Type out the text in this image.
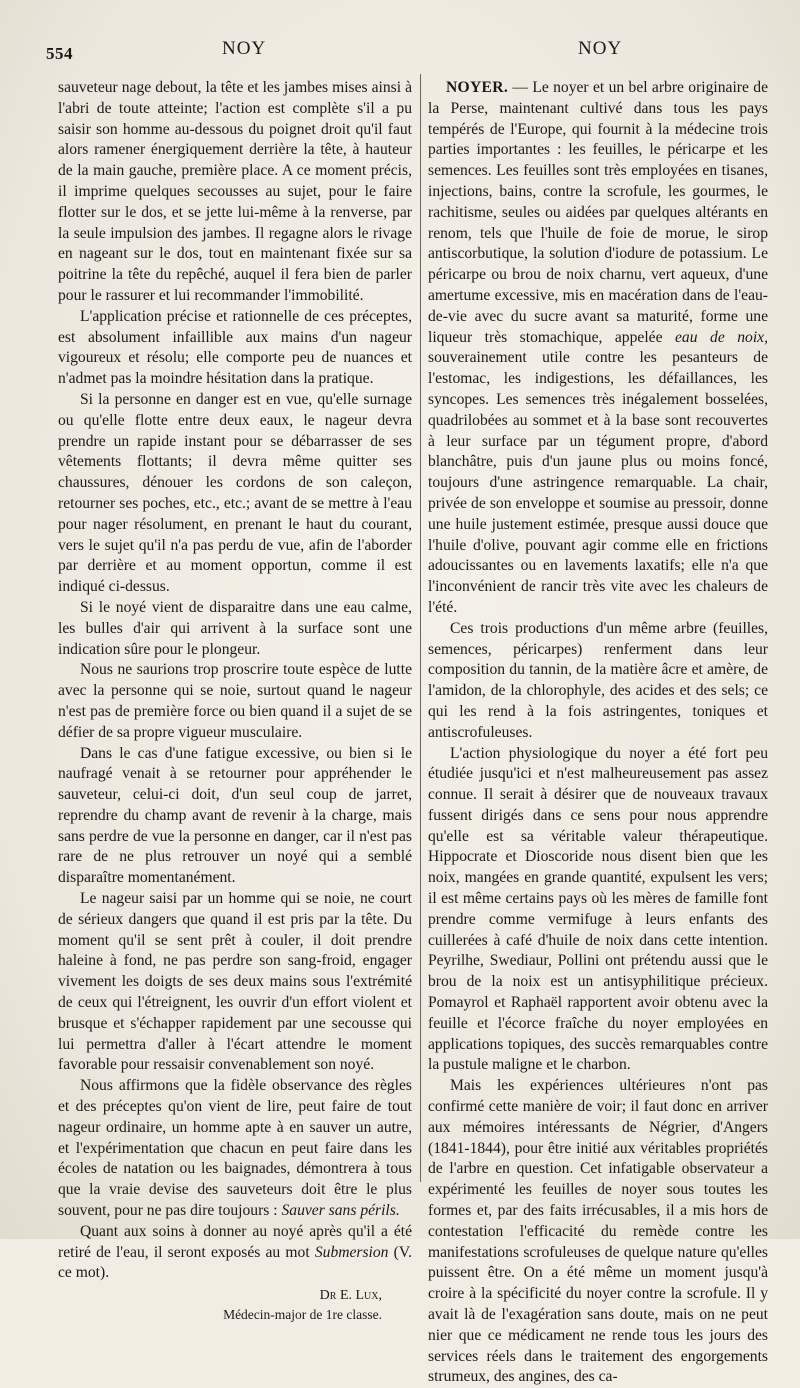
554	NOY	NOY

sauveteur nage debout, la tête et les jambes mises ainsi à l'abri de toute atteinte; l'action est complète s'il a pu saisir son homme au-dessous du poignet droit qu'il faut alors ramener énergiquement derrière la tête, à hauteur de la main gauche, première place. A ce moment précis, il imprime quelques secousses au sujet, pour le faire flotter sur le dos, et se jette lui-même à la renverse, par la seule impulsion des jambes. Il regagne alors le rivage en nageant sur le dos, tout en maintenant fixée sur sa poitrine la tête du repêché, auquel il fera bien de parler pour le rassurer et lui recommander l'immobilité.

L'application précise et rationnelle de ces préceptes, est absolument infaillible aux mains d'un nageur vigoureux et résolu; elle comporte peu de nuances et n'admet pas la moindre hésitation dans la pratique.

Si la personne en danger est en vue, qu'elle surnage ou qu'elle flotte entre deux eaux, le nageur devra prendre un rapide instant pour se débarrasser de ses vêtements flottants; il devra même quitter ses chaussures, dénouer les cordons de son caleçon, retourner ses poches, etc., etc.; avant de se mettre à l'eau pour nager résolument, en prenant le haut du courant, vers le sujet qu'il n'a pas perdu de vue, afin de l'aborder par derrière et au moment opportun, comme il est indiqué ci-dessus.

Si le noyé vient de disparaitre dans une eau calme, les bulles d'air qui arrivent à la surface sont une indication sûre pour le plongeur.

Nous ne saurions trop proscrire toute espèce de lutte avec la personne qui se noie, surtout quand le nageur n'est pas de première force ou bien quand il a sujet de se défier de sa propre vigueur musculaire.

Dans le cas d'une fatigue excessive, ou bien si le naufragé venait à se retourner pour appréhender le sauveteur, celui-ci doit, d'un seul coup de jarret, reprendre du champ avant de revenir à la charge, mais sans perdre de vue la personne en danger, car il n'est pas rare de ne plus retrouver un noyé qui a semblé disparaître momentanément.

Le nageur saisi par un homme qui se noie, ne court de sérieux dangers que quand il est pris par la tête. Du moment qu'il se sent prêt à couler, il doit prendre haleine à fond, ne pas perdre son sang-froid, engager vivement les doigts de ses deux mains sous l'extrémité de ceux qui l'étreignent, les ouvrir d'un effort violent et brusque et s'échapper rapidement par une secousse qui lui permettra d'aller à l'écart attendre le moment favorable pour ressaisir convenablement son noyé.

Nous affirmons que la fidèle observance des règles et des préceptes qu'on vient de lire, peut faire de tout nageur ordinaire, un homme apte à en sauver un autre, et l'expérimentation que chacun en peut faire dans les écoles de natation ou les baignades, démontrera à tous que la vraie devise des sauveteurs doit être le plus souvent, pour ne pas dire toujours : Sauver sans périls.

Quant aux soins à donner au noyé après qu'il a été retiré de l'eau, il seront exposés au mot Submersion (V. ce mot).

Dr E. Lux,
Médecin-major de 1re classe.

NOYER. — Le noyer et un bel arbre originaire de la Perse, maintenant cultivé dans tous les pays tempérés de l'Europe, qui fournit à la médecine trois parties importantes : les feuilles, le péricarpe et les semences. Les feuilles sont très employées en tisanes, injections, bains, contre la scrofule, les gourmes, le rachitisme, seules ou aidées par quelques altérants en renom, tels que l'huile de foie de morue, le sirop antiscorbutique, la solution d'iodure de potassium. Le péricarpe ou brou de noix charnu, vert aqueux, d'une amertume excessive, mis en macération dans de l'eau-de-vie avec du sucre avant sa maturité, forme une liqueur très stomachique, appelée eau de noix, souverainement utile contre les pesanteurs de l'estomac, les indigestions, les défaillances, les syncopes. Les semences très inégalement bosselées, quadrilobées au sommet et à la base sont recouvertes à leur surface par un tégument propre, d'abord blanchâtre, puis d'un jaune plus ou moins foncé, toujours d'une astringence remarquable. La chair, privée de son enveloppe et soumise au pressoir, donne une huile justement estimée, presque aussi douce que l'huile d'olive, pouvant agir comme elle en frictions adoucissantes ou en lavements laxatifs; elle n'a que l'inconvénient de rancir très vite avec les chaleurs de l'été.

Ces trois productions d'un même arbre (feuilles, semences, péricarpes) renferment dans leur composition du tannin, de la matière âcre et amère, de l'amidon, de la chlorophyle, des acides et des sels; ce qui les rend à la fois astringentes, toniques et antiscrofuleuses.

L'action physiologique du noyer a été fort peu étudiée jusqu'ici et n'est malheureusement pas assez connue. Il serait à désirer que de nouveaux travaux fussent dirigés dans ce sens pour nous apprendre qu'elle est sa véritable valeur thérapeutique. Hippocrate et Dioscoride nous disent bien que les noix, mangées en grande quantité, expulsent les vers; il est même certains pays où les mères de famille font prendre comme vermifuge à leurs enfants des cuillerées à café d'huile de noix dans cette intention. Peyrilhe, Swediaur, Pollini ont prétendu aussi que le brou de la noix est un antisyphilitique précieux. Pomayrol et Raphaël rapportent avoir obtenu avec la feuille et l'écorce fraîche du noyer employées en applications topiques, des succès remarquables contre la pustule maligne et le charbon.

Mais les expériences ultérieures n'ont pas confirmé cette manière de voir; il faut donc en arriver aux mémoires intéressants de Négrier, d'Angers (1841-1844), pour être initié aux véritables propriétés de l'arbre en question. Cet infatigable observateur a expérimenté les feuilles de noyer sous toutes les formes et, par des faits irrécusables, il a mis hors de contestation l'efficacité du remède contre les manifestations scrofuleuses de quelque nature qu'elles puissent être. On a été même un moment jusqu'à croire à la spécificité du noyer contre la scrofule. Il y avait là de l'exagération sans doute, mais on ne peut nier que ce médicament ne rende tous les jours des services réels dans le traitement des engorgements strumeux, des angines, des ca-
